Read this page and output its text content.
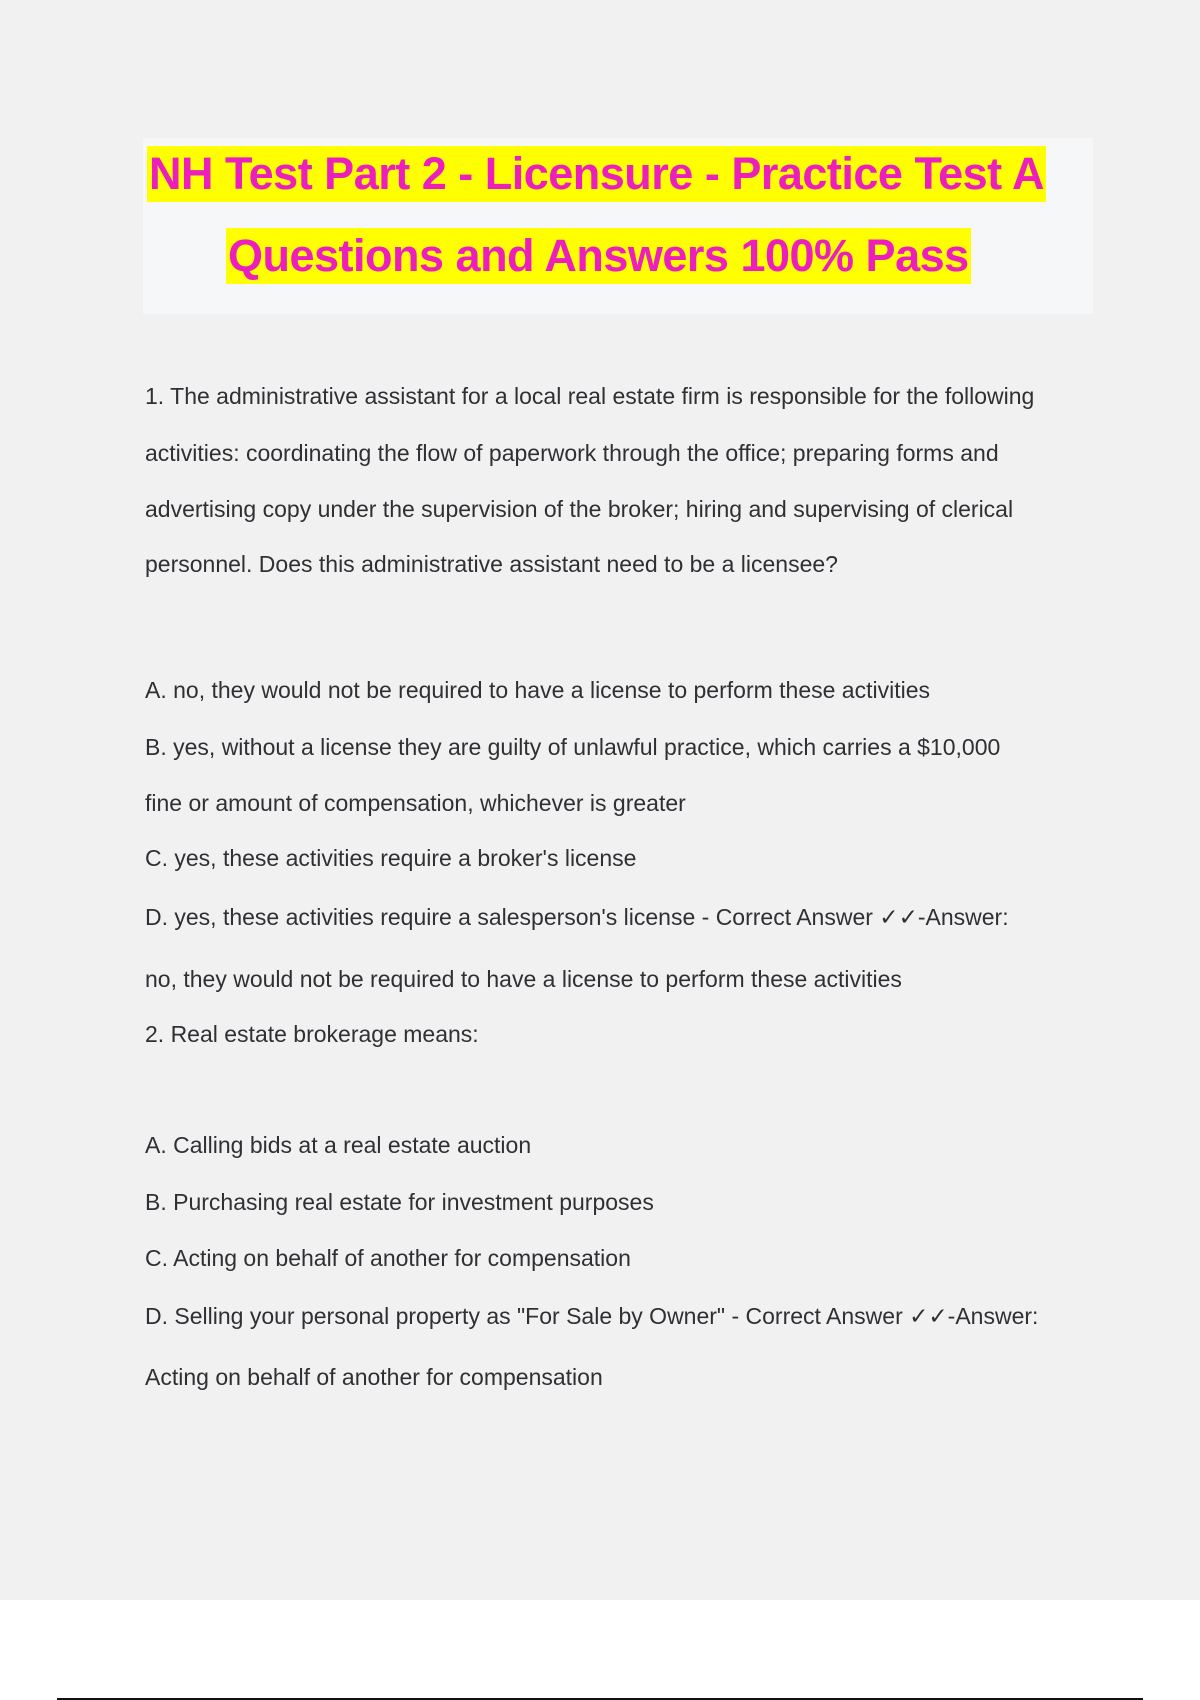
NH Test Part 2 - Licensure - Practice Test A
Questions and Answers 100% Pass
1. The administrative assistant for a local real estate firm is responsible for the following
activities: coordinating the flow of paperwork through the office; preparing forms and
advertising copy under the supervision of the broker; hiring and supervising of clerical
personnel. Does this administrative assistant need to be a licensee?
A. no, they would not be required to have a license to perform these activities
B. yes, without a license they are guilty of unlawful practice, which carries a $10,000
fine or amount of compensation, whichever is greater
C. yes, these activities require a broker's license
D. yes, these activities require a salesperson's license - Correct Answer ✓✓-Answer:
no, they would not be required to have a license to perform these activities
2. Real estate brokerage means:
A. Calling bids at a real estate auction
B. Purchasing real estate for investment purposes
C. Acting on behalf of another for compensation
D. Selling your personal property as "For Sale by Owner" - Correct Answer ✓✓-Answer:
Acting on behalf of another for compensation
